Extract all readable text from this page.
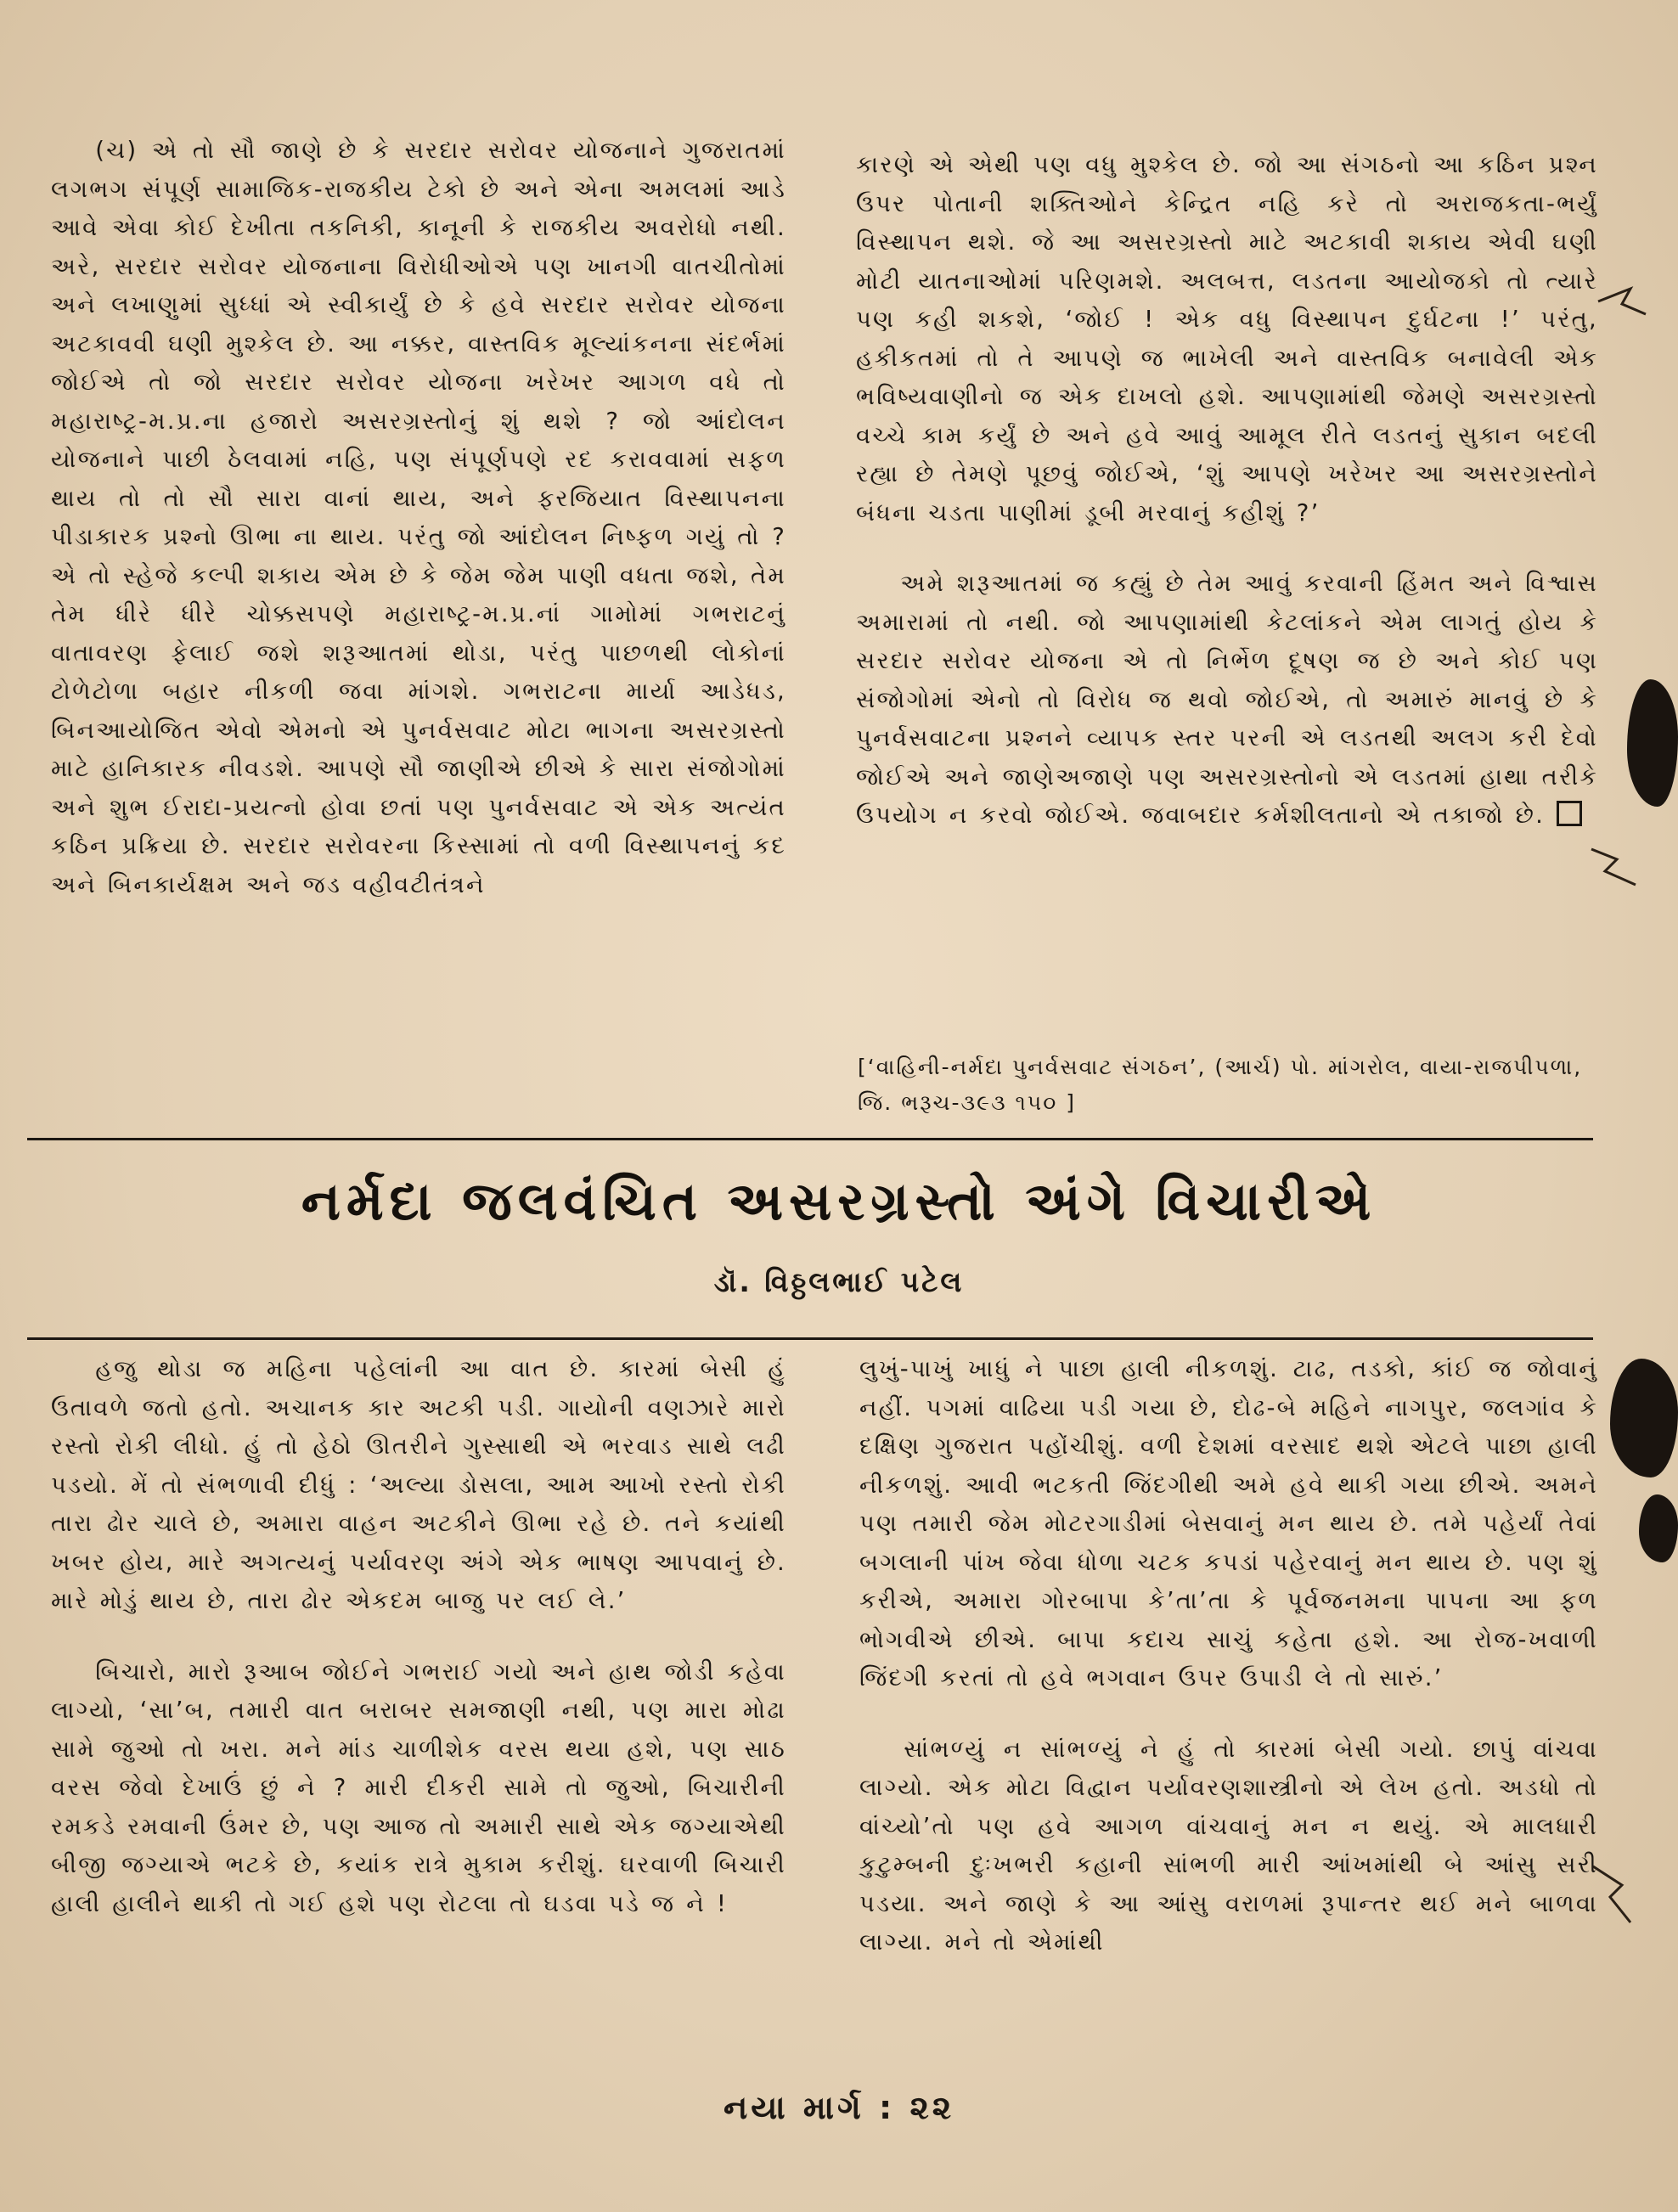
(ચ) એ તો સૌ જાણે છે કે સરદાર સરોવર યોજનાને ગુજરાતમાં લગભગ સંપૂર્ણ સામાજિક-રાજકીય ટેકો છે અને એના અમલમાં આડે આવે એવા કોઈ દેખીતા તકનિકી, કાનૂની કે રાજકીય અવરોધો નથી. અરે, સરદાર સરોવર યોજનાના વિરોધીઓએ પણ ખાનગી વાતચીતોમાં અને લખાણુમાં સુધ્ધાં એ સ્વીકાર્યું છે કે હવે સરદાર સરોવર યોજના અટકાવવી ઘણી મુશ્કેલ છે. આ નક્કર, વાસ્તવિક મૂલ્યાંકનના સંદર્ભમાં જોઈએ તો જો સરદાર સરોવર યોજના ખરેખર આગળ વધે તો મહારાષ્ટ્ર-મ.પ્ર.ના હજારો અસરગ્રસ્તોનું શું થશે ? જો આંદોલન યોજનાને પાછી ઠેલવામાં નહિ, પણ સંપૂર્ણપણે રદ કરાવવામાં સફળ થાય તો તો સૌ સારા વાનાં થાય, અને ફરજિયાત વિસ્થાપનના પીડાકારક પ્રશ્નો ઊભા ના થાય. પરંતુ જો આંદોલન નિષ્ફળ ગયું તો ? એ તો સ્હેજે કલ્પી શકાય એમ છે કે જેમ જેમ પાણી વધતા જશે, તેમ તેમ ધીરે ધીરે ચોક્કસપણે મહારાષ્ટ્ર-મ.પ્ર.નાં ગામોમાં ગભરાટનું વાતાવરણ ફેલાઈ જશે શરૂઆતમાં થોડા, પરંતુ પાછળથી લોકોનાં ટોળેટોળા બહાર નીકળી જવા માંગશે. ગભરાટના માર્યા આડેધડ, બિનઆયોજિત એવો એમનો એ પુનર્વસવાટ મોટા ભાગના અસરગ્રસ્તો માટે હાનિકારક નીવડશે. આપણે સૌ જાણીએ છીએ કે સારા સંજોગોમાં અને શુભ ઈરાદા-પ્રયત્નો હોવા છતાં પણ પુનર્વસવાટ એ એક અત્યંત કઠિન પ્રક્રિયા છે. સરદાર સરોવરના કિસ્સામાં તો વળી વિસ્થાપનનું કદ અને બિનકાર્યક્ષમ અને જડ વહીવટીતંત્રને

કારણે એ એથી પણ વધુ મુશ્કેલ છે. જો આ સંગઠનો આ કઠિન પ્રશ્ન ઉપર પોતાની શક્તિઓને કેન્દ્રિત નહિ કરે તો અરાજકતા-ભર્યું વિસ્થાપન થશે. જે આ અસરગ્રસ્તો માટે અટકાવી શકાય એવી ઘણી મોટી યાતનાઓમાં પરિણમશે. અલબત્ત, લડતના આયોજકો તો ત્યારે પણ કહી શકશે, ‘જોઈ ! એક વધુ વિસ્થાપન દુર્ઘટના !’ પરંતુ, હકીકતમાં તો તે આપણે જ ભાખેલી અને વાસ્તવિક બનાવેલી એક ભવિષ્યવાણીનો જ એક દાખલો હશે. આપણામાંથી જેમણે અસરગ્રસ્તો વચ્ચે કામ કર્યું છે અને હવે આવું આમૂલ રીતે લડતનું સુકાન બદલી રહ્યા છે તેમણે પૂછવું જોઈએ, ‘શું આપણે ખરેખર આ અસરગ્રસ્તોને બંધના ચડતા પાણીમાં ડૂબી મરવાનું કહીશું ?’

અમે શરૂઆતમાં જ કહ્યું છે તેમ આવું કરવાની હિંમત અને વિશ્વાસ અમારામાં તો નથી. જો આપણામાંથી કેટલાંકને એમ લાગતું હોય કે સરદાર સરોવર યોજના એ તો નિર્ભેળ દૂષણ જ છે અને કોઈ પણ સંજોગોમાં એનો તો વિરોધ જ થવો જોઈએ, તો અમારું માનવું છે કે પુનર્વસવાટના પ્રશ્નને વ્યાપક સ્તર પરની એ લડતથી અલગ કરી દેવો જોઈએ અને જાણેઅજાણે પણ અસરગ્રસ્તોનો એ લડતમાં હાથા તરીકે ઉપયોગ ન કરવો જોઈએ. જવાબદાર કર્મશીલતાનો એ તકાજો છે.

[‘વાહિની-નર્મદા પુનર્વસવાટ સંગઠન’, (આર્ચ) પો. માંગરોલ, વાયા-રાજપીપળા, જિ. ભરૂચ-૩૯૩ ૧૫૦ ]
નર્મદા જલવંચિત અસરગ્રસ્તો અંગે વિચારીએ
ડૉ. વિઠ્ઠલભાઈ પટેલ

હજુ થોડા જ મહિના પહેલાંની આ વાત છે. કારમાં બેસી હું ઉતાવળે જતો હતો. અચાનક કાર અટકી પડી. ગાયોની વણઝારે મારો રસ્તો રોકી લીધો. હું તો હેઠો ઊતરીને ગુસ્સાથી એ ભરવાડ સાથે લઢી પડયો. મેં તો સંભળાવી દીધું : ‘અલ્યા ડોસલા, આમ આખો રસ્તો રોકી તારા ઢોર ચાલે છે, અમારા વાહન અટકીને ઊભા રહે છે. તને કયાંથી ખબર હોય, મારે અગત્યનું પર્યાવરણ અંગે એક ભાષણ આપવાનું છે. મારે મોડું થાય છે, તારા ઢોર એકદમ બાજુ પર લઈ લે.’

બિચારો, મારો રૂઆબ જોઈને ગભરાઈ ગયો અને હાથ જોડી કહેવા લાગ્યો, ‘સા’બ, તમારી વાત બરાબર સમજાણી નથી, પણ મારા મોઢા સામે જુઓ તો ખરા. મને માંડ ચાળીશેક વરસ થયા હશે, પણ સાઠ વરસ જેવો દેખાઉં છું ને ? મારી દીકરી સામે તો જુઓ, બિચારીની રમકડે રમવાની ઉંમર છે, પણ આજ તો અમારી સાથે એક જગ્યાએથી બીજી જગ્યાએ ભટકે છે, કયાંક રાત્રે મુકામ કરીશું. ઘરવાળી બિચારી હાલી હાલીને થાકી તો ગઈ હશે પણ રોટલા તો ઘડવા પડે જ ને !

લુખું-પાખું ખાધું ને પાછા હાલી નીકળશું. ટાઢ, તડકો, કાંઈ જ જોવાનું નહીં. પગમાં વાઢિયા પડી ગયા છે, દોઢ-બે મહિને નાગપુર, જલગાંવ કે દક્ષિણ ગુજરાત પહોંચીશું. વળી દેશમાં વરસાદ થશે એટલે પાછા હાલી નીકળશું. આવી ભટકતી જિંદગીથી અમે હવે થાકી ગયા છીએ. અમને પણ તમારી જેમ મોટરગાડીમાં બેસવાનું મન થાય છે. તમે પહેર્યાં તેવાં બગલાની પાંખ જેવા ધોળા ચટક કપડાં પહેરવાનું મન થાય છે. પણ શું કરીએ, અમારા ગોરબાપા કે’તા’તા કે પૂર્વજનમના પાપના આ ફળ ભોગવીએ છીએ. બાપા કદાચ સાચું કહેતા હશે. આ રોજ-ખવાળી જિંદગી કરતાં તો હવે ભગવાન ઉપર ઉપાડી લે તો સારું.’

સાંભળ્યું ન સાંભળ્યું ને હું તો કારમાં બેસી ગયો. છાપું વાંચવા લાગ્યો. એક મોટા વિદ્વાન પર્યાવરણશાસ્ત્રીનો એ લેખ હતો. અડધો તો વાંચ્યો’તો પણ હવે આગળ વાંચવાનું મન ન થયું. એ માલધારી કુટુમ્બની દુઃખભરી કહાની સાંભળી મારી આંખમાંથી બે આંસુ સરી પડયા. અને જાણે કે આ આંસુ વરાળમાં રૂપાન્તર થઈ મને બાળવા લાગ્યા. મને તો એમાંથી

નયા માર્ગ : ૨૨
